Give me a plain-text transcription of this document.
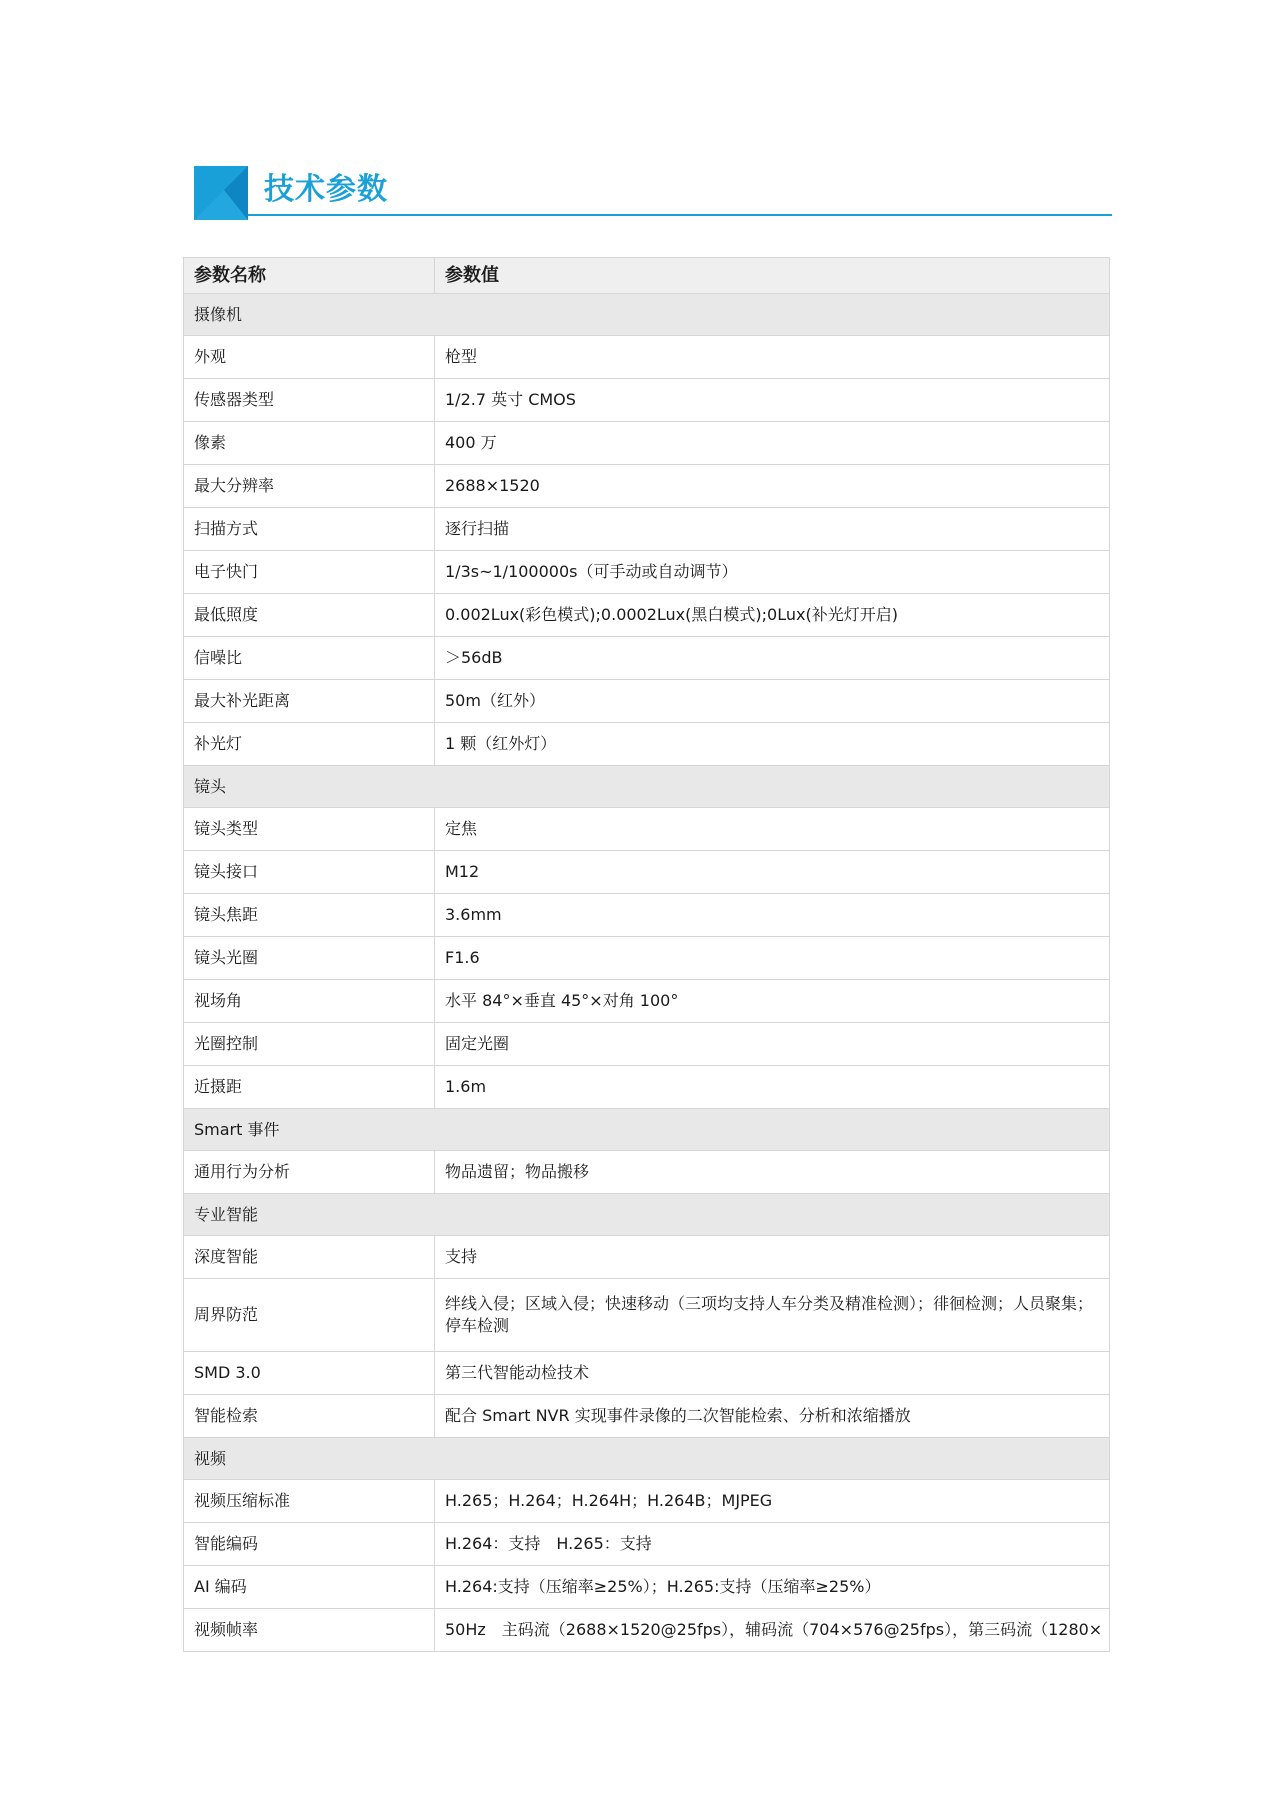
技术参数
参数名称	参数值
摄像机	
外观	枪型
传感器类型	1/2.7 英寸 CMOS
像素	400 万
最大分辨率	2688×1520
扫描方式	逐行扫描
电子快门	1/3s~1/100000s（可手动或自动调节）
最低照度	0.002Lux(彩色模式);0.0002Lux(黑白模式);0Lux(补光灯开启)
信噪比	＞56dB
最大补光距离	50m（红外）
补光灯	1 颗（红外灯）
镜头	
镜头类型	定焦
镜头接口	M12
镜头焦距	3.6mm
镜头光圈	F1.6
视场角	水平 84°×垂直 45°×对角 100°
光圈控制	固定光圈
近摄距	1.6m
Smart 事件	
通用行为分析	物品遗留；物品搬移
专业智能	
深度智能	支持
周界防范	绊线入侵；区域入侵；快速移动（三项均支持人车分类及精准检测）；徘徊检测；人员聚集；停车检测
SMD 3.0	第三代智能动检技术
智能检索	配合 Smart NVR 实现事件录像的二次智能检索、分析和浓缩播放
视频	
视频压缩标准	H.265；H.264；H.264H；H.264B；MJPEG
智能编码	H.264：支持　H.265：支持
AI 编码	H.264:支持（压缩率≥25%）；H.265:支持（压缩率≥25%）
视频帧率	50Hz　主码流（2688×1520@25fps），辅码流（704×576@25fps），第三码流（1280×
